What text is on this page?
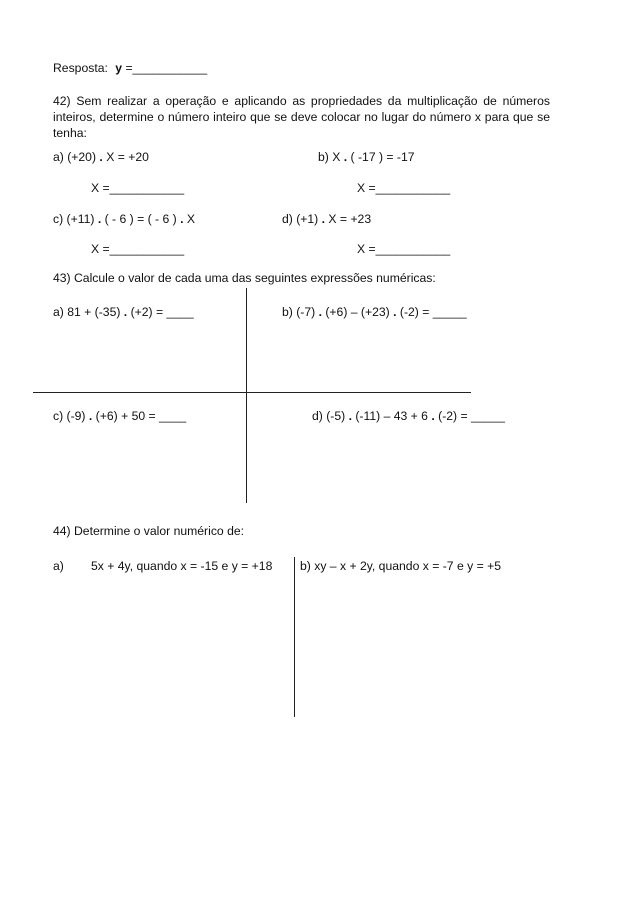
Resposta: y =___________
42) Sem realizar a operação e aplicando as propriedades da multiplicação de números inteiros, determine o número inteiro que se deve colocar no lugar do número x para que se tenha:
a) (+20) . X = +20	b) X . ( -17 ) = -17
X =___________	X =___________
c) (+11) . ( - 6 ) = ( - 6 ) . X	d) (+1) . X = +23
X =___________	X =___________
43) Calcule o valor de cada uma das seguintes expressões numéricas:
a) 81 + (-35) . (+2) = ____	b) (-7) . (+6) – (+23) . (-2) = _____
c) (-9) . (+6) + 50 = ____	d) (-5) . (-11) – 43 + 6 . (-2) = _____
44) Determine o valor numérico de:
a) 5x + 4y, quando x = -15 e y = +18 b) xy – x + 2y, quando x = -7 e y = +5
